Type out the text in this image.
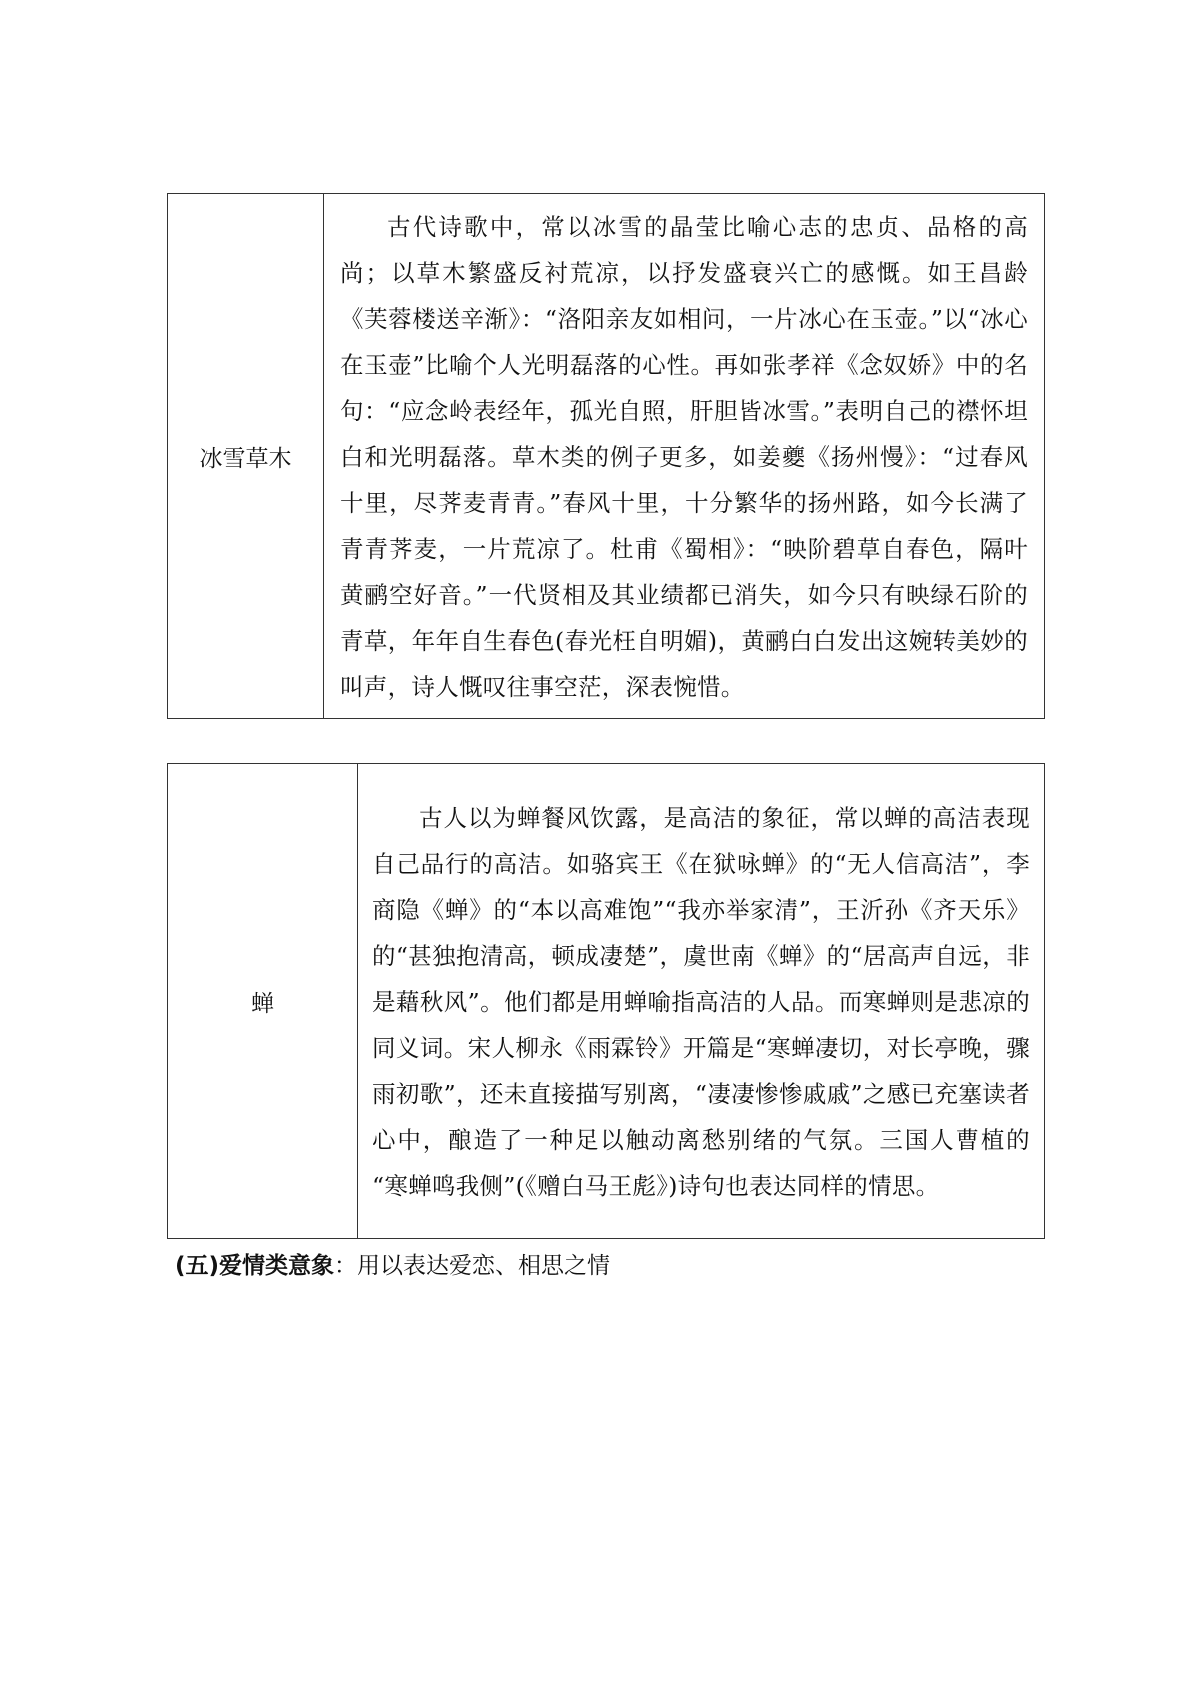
冰雪草木	

古代诗歌中，常以冰雪的晶莹比喻心志的忠贞、品格的高尚；以草木繁盛反衬荒凉，以抒发盛衰兴亡的感慨。如王昌龄《芙蓉楼送辛渐》：“洛阳亲友如相问，一片冰心在玉壶。”以“冰心在玉壶”比喻个人光明磊落的心性。再如张孝祥《念奴娇》中的名句：“应念岭表经年，孤光自照，肝胆皆冰雪。”表明自己的襟怀坦白和光明磊落。草木类的例子更多，如姜夔《扬州慢》：“过春风十里，尽荠麦青青。”春风十里，十分繁华的扬州路，如今长满了青青荠麦，一片荒凉了。杜甫《蜀相》：“映阶碧草自春色，隔叶黄鹂空好音。”一代贤相及其业绩都已消失，如今只有映绿石阶的青草，年年自生春色(春光枉自明媚)，黄鹂白白发出这婉转美妙的叫声，诗人慨叹往事空茫，深表惋惜。

蝉	

古人以为蝉餐风饮露，是高洁的象征，常以蝉的高洁表现自己品行的高洁。如骆宾王《在狱咏蝉》的“无人信高洁”，李商隐《蝉》的“本以高难饱”“我亦举家清”，王沂孙《齐天乐》的“甚独抱清高，顿成凄楚”，虞世南《蝉》的“居高声自远，非是藉秋风”。他们都是用蝉喻指高洁的人品。而寒蝉则是悲凉的同义词。宋人柳永《雨霖铃》开篇是“寒蝉凄切，对长亭晚，骤雨初歌”，还未直接描写别离，“凄凄惨惨戚戚”之感已充塞读者心中，酿造了一种足以触动离愁别绪的气氛。三国人曹植的 “寒蝉鸣我侧”(《赠白马王彪》)诗句也表达同样的情思。

(五)爱情类意象：用以表达爱恋、相思之情
